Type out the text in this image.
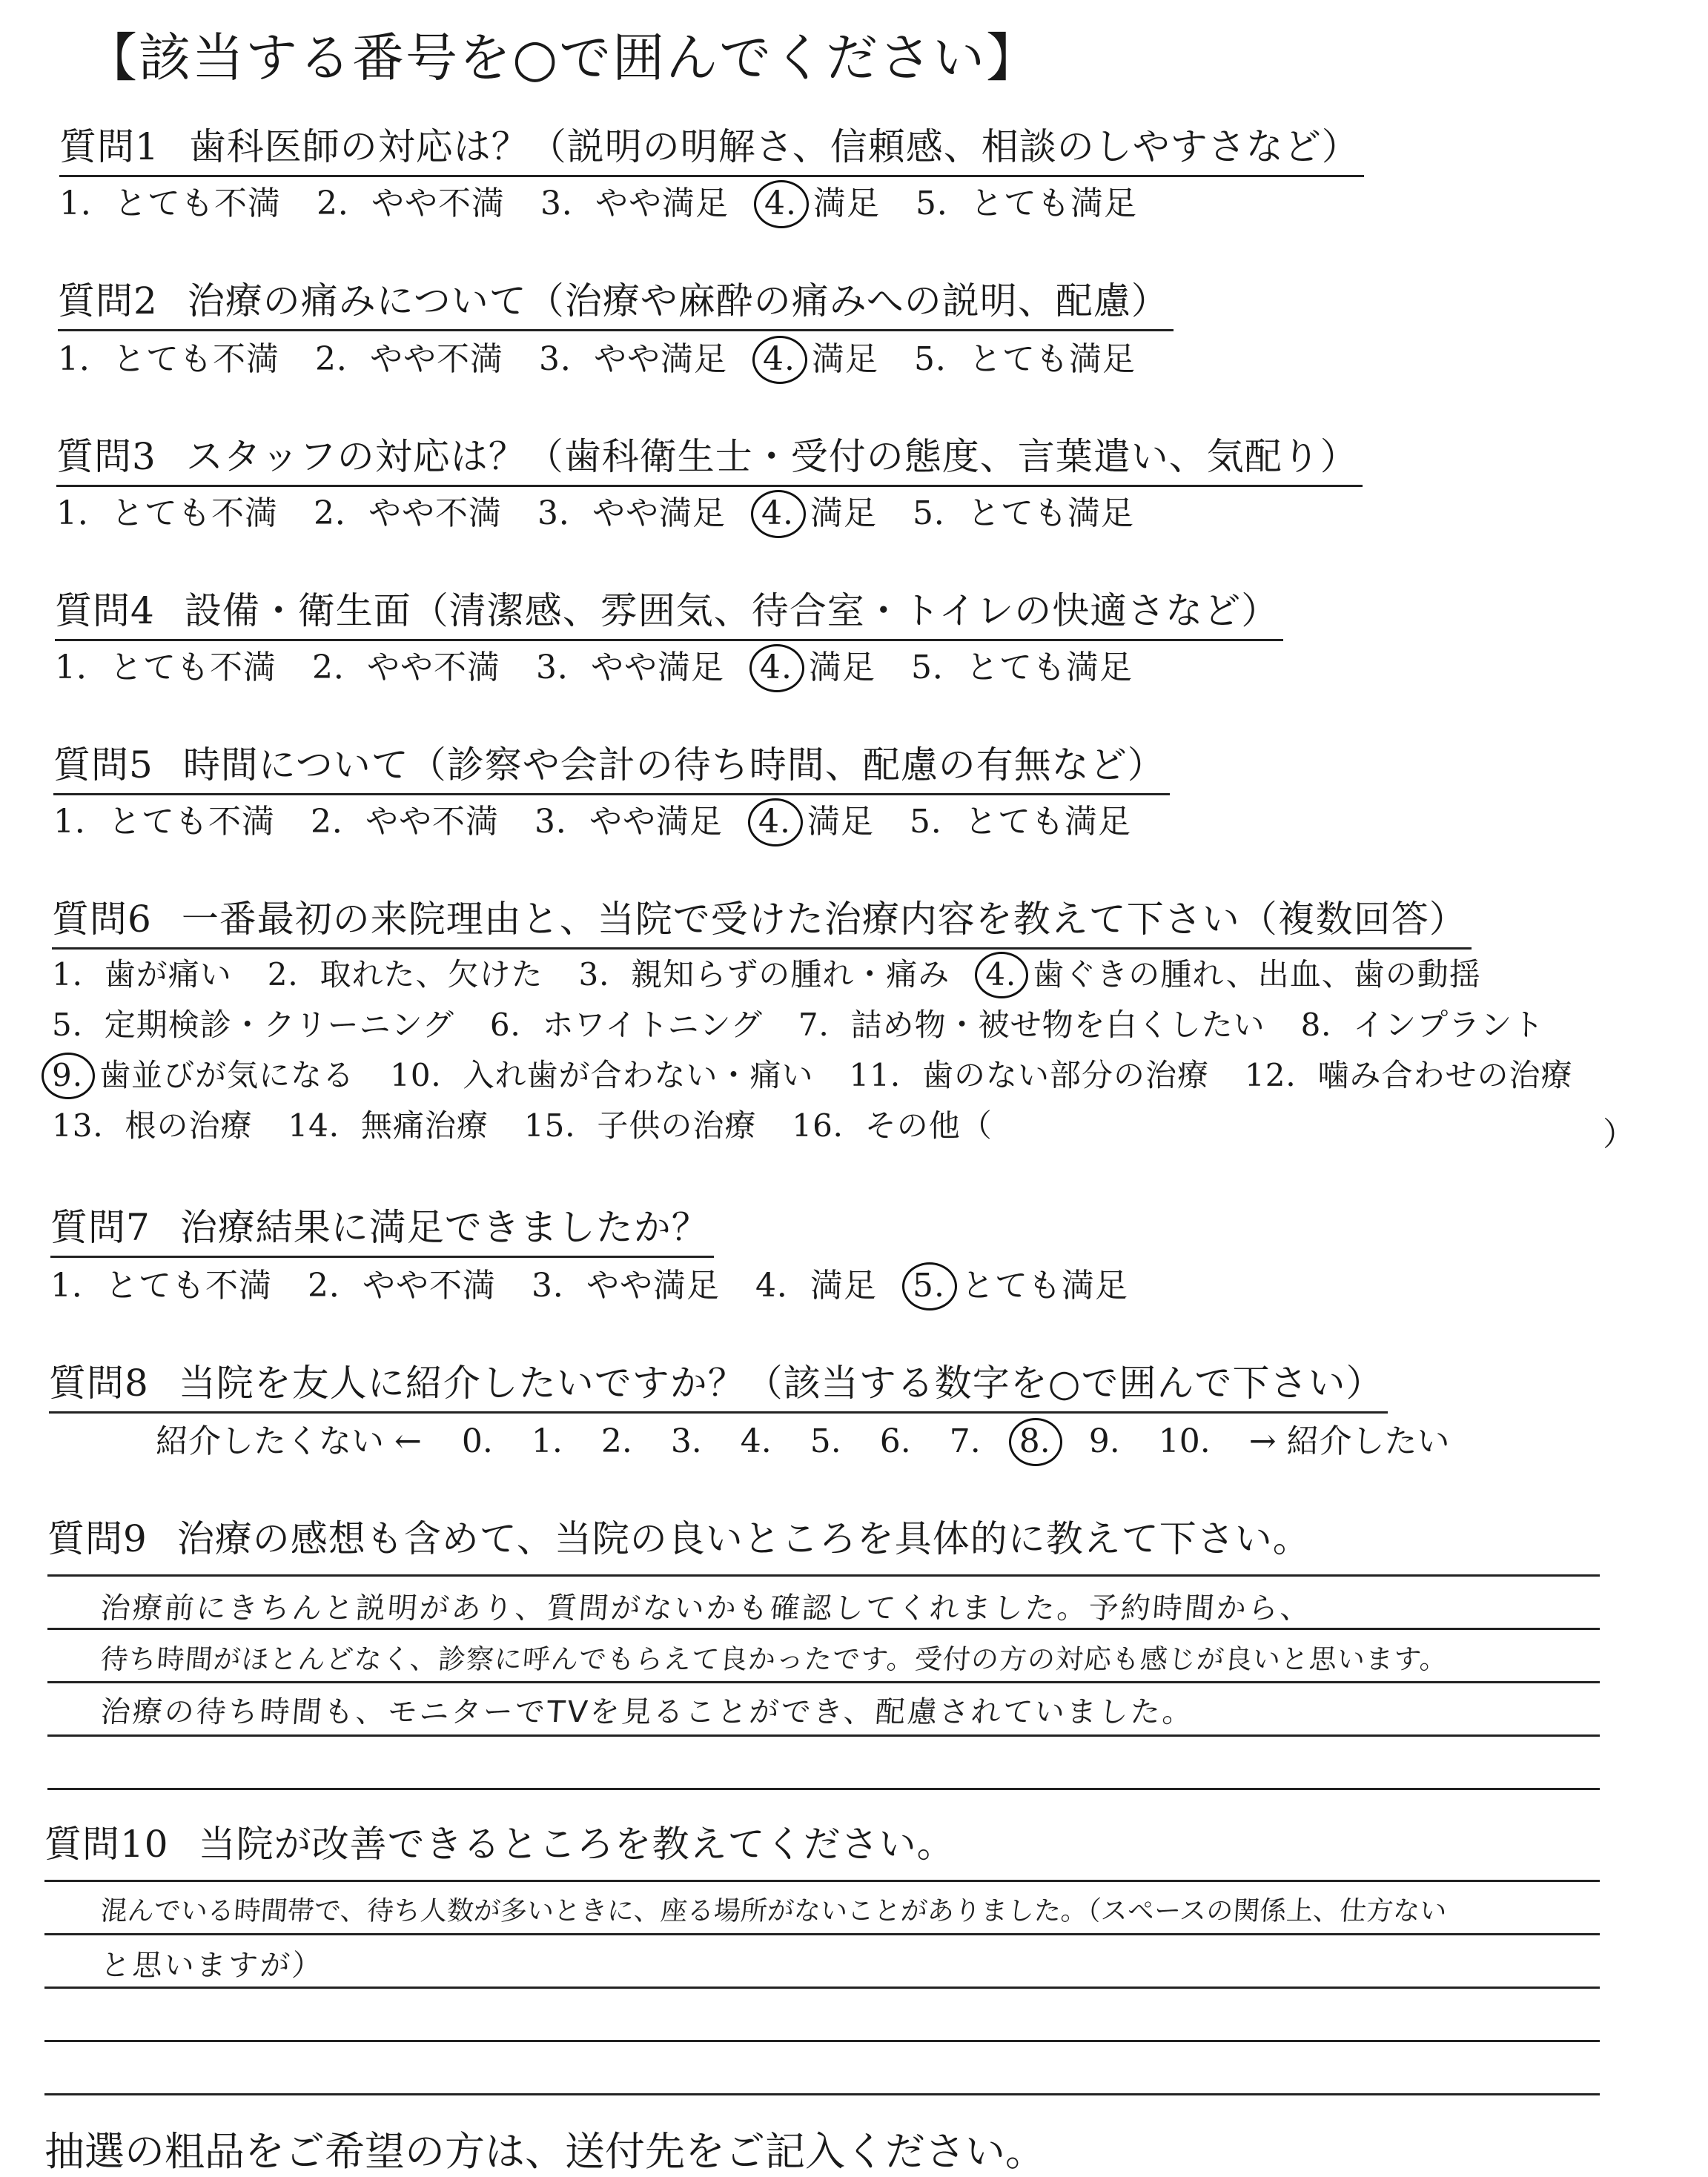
【該当する番号を○で囲んでください】
質問1 歯科医師の対応は？（説明の明解さ、信頼感、相談のしやすさなど）
1．とても不満 2．やや不満 3．やや満足 4. 満足 5．とても満足
質問2 治療の痛みについて（治療や麻酔の痛みへの説明、配慮）
1．とても不満 2．やや不満 3．やや満足 4. 満足 5．とても満足
質問3 スタッフの対応は？（歯科衛生士・受付の態度、言葉遣い、気配り）
1．とても不満 2．やや不満 3．やや満足 4. 満足 5．とても満足
質問4 設備・衛生面（清潔感、雰囲気、待合室・トイレの快適さなど）
1．とても不満 2．やや不満 3．やや満足 4. 満足 5．とても満足
質問5 時間について（診察や会計の待ち時間、配慮の有無など）
1．とても不満 2．やや不満 3．やや満足 4. 満足 5．とても満足
質問6 一番最初の来院理由と、当院で受けた治療内容を教えて下さい（複数回答）
1．歯が痛い 2．取れた、欠けた 3．親知らずの腫れ・痛み 4. 歯ぐきの腫れ、出血、歯の動揺
5．定期検診・クリーニング 6．ホワイトニング 7．詰め物・被せ物を白くしたい 8．インプラント
9. 歯並びが気になる 10．入れ歯が合わない・痛い 11．歯のない部分の治療 12．噛み合わせの治療
13．根の治療 14．無痛治療 15．子供の治療 16．その他（	）
質問7 治療結果に満足できましたか？
1．とても不満 2．やや不満 3．やや満足 4．満足 5. とても満足
質問8 当院を友人に紹介したいですか？（該当する数字を○で囲んで下さい）
紹介したくない ← 0. 1. 2. 3. 4. 5. 6. 7. 8. 9. 10. → 紹介したい
質問9 治療の感想も含めて、当院の良いところを具体的に教えて下さい。
治療前にきちんと説明があり、質問がないかも確認してくれました。予約時間から、
待ち時間がほとんどなく、診察に呼んでもらえて良かったです。受付の方の対応も感じが良いと思います。
治療の待ち時間も、モニターでTVを見ることができ、配慮されていました。
質問10 当院が改善できるところを教えてください。
混んでいる時間帯で、待ち人数が多いときに、座る場所がないことがありました。（スペースの関係上、仕方ない
と思いますが）
抽選の粗品をご希望の方は、送付先をご記入ください。
